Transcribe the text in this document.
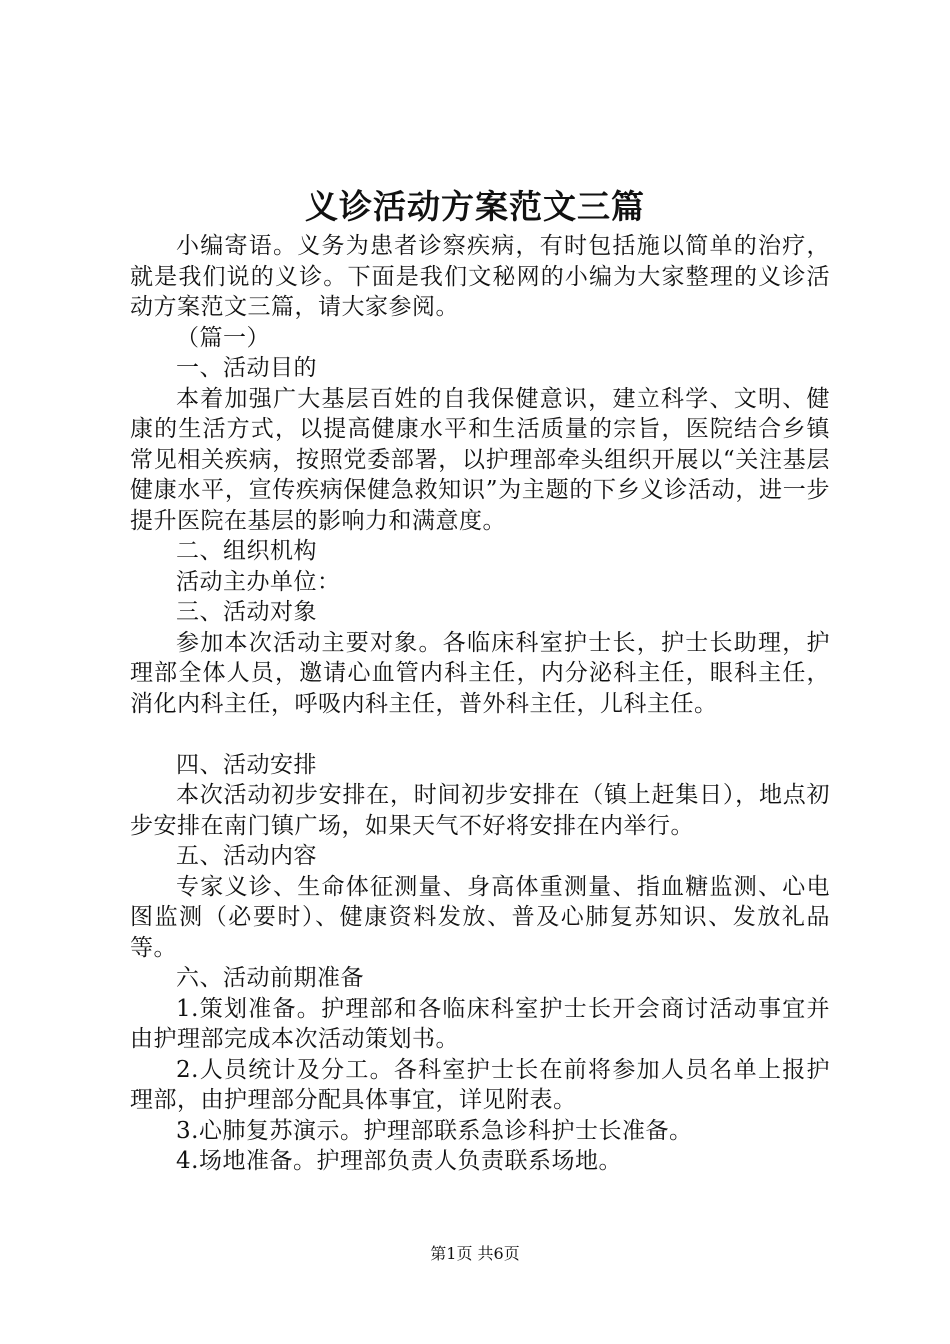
义诊活动方案范文三篇

小编寄语。义务为患者诊察疾病，有时包括施以简单的治疗，就是我们说的义诊。下面是我们文秘网的小编为大家整理的义诊活动方案范文三篇，请大家参阅。

（篇一）

一、活动目的

本着加强广大基层百姓的自我保健意识，建立科学、文明、健康的生活方式，以提高健康水平和生活质量的宗旨，医院结合乡镇常见相关疾病，按照党委部署，以护理部牵头组织开展以“关注基层健康水平，宣传疾病保健急救知识”为主题的下乡义诊活动，进一步提升医院在基层的影响力和满意度。

二、组织机构

活动主办单位：

三、活动对象

参加本次活动主要对象。各临床科室护士长，护士长助理，护理部全体人员，邀请心血管内科主任，内分泌科主任，眼科主任，消化内科主任，呼吸内科主任，普外科主任，儿科主任。

四、活动安排

本次活动初步安排在，时间初步安排在（镇上赶集日），地点初步安排在南门镇广场，如果天气不好将安排在内举行。

五、活动内容

专家义诊、生命体征测量、身高体重测量、指血糖监测、心电图监测（必要时）、健康资料发放、普及心肺复苏知识、发放礼品等。

六、活动前期准备

1.策划准备。护理部和各临床科室护士长开会商讨活动事宜并由护理部完成本次活动策划书。

2.人员统计及分工。各科室护士长在前将参加人员名单上报护理部，由护理部分配具体事宜，详见附表。

3.心肺复苏演示。护理部联系急诊科护士长准备。

4.场地准备。护理部负责人负责联系场地。

第1页 共6页
